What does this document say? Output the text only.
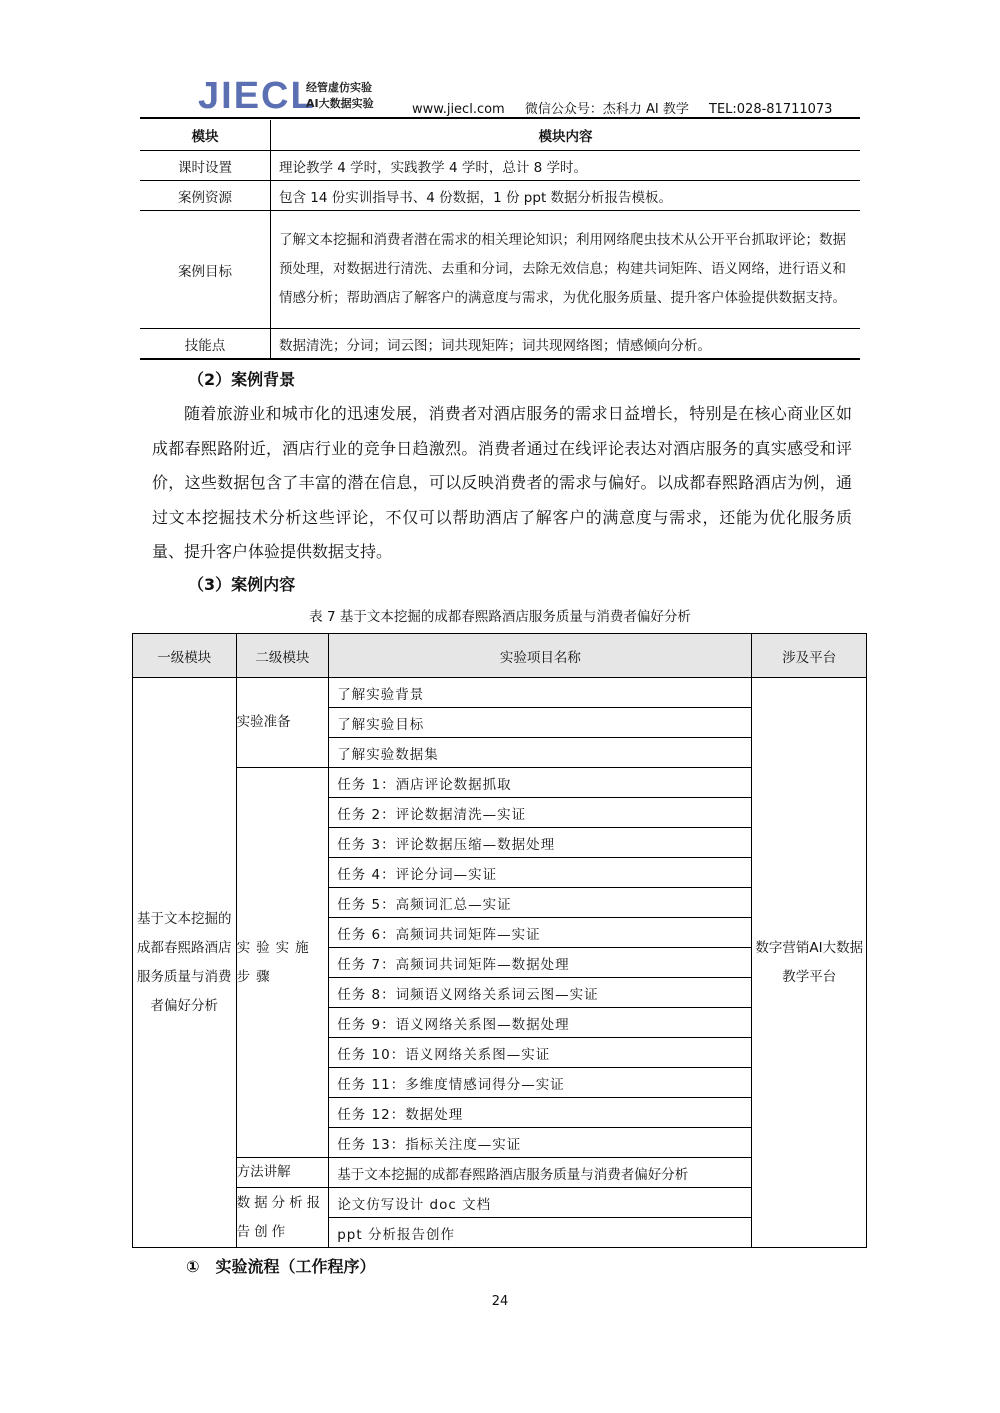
JIECL
经管虚仿实验
AI大数据实验	www.jiecl.com 微信公众号：杰科力 AI 教学 TEL:028-81711073
模块	模块内容
课时设置	理论教学 4 学时，实践教学 4 学时，总计 8 学时。
案例资源	包含 14 份实训指导书、4 份数据，1 份 ppt 数据分析报告模板。
案例目标	了解文本挖掘和消费者潜在需求的相关理论知识；利用网络爬虫技术从公开平台抓取评论；数据预处理，对数据进行清洗、去重和分词，去除无效信息；构建共词矩阵、语义网络，进行语义和情感分析；帮助酒店了解客户的满意度与需求，为优化服务质量、提升客户体验提供数据支持。
技能点	数据清洗；分词；词云图；词共现矩阵；词共现网络图；情感倾向分析。
（2）案例背景
随着旅游业和城市化的迅速发展，消费者对酒店服务的需求日益增长，特别是在核心商业区如成都春熙路附近，酒店行业的竞争日趋激烈。消费者通过在线评论表达对酒店服务的真实感受和评价，这些数据包含了丰富的潜在信息，可以反映消费者的需求与偏好。以成都春熙路酒店为例，通过文本挖掘技术分析这些评论，不仅可以帮助酒店了解客户的满意度与需求，还能为优化服务质量、提升客户体验提供数据支持。
（3）案例内容
表 7 基于文本挖掘的成都春熙路酒店服务质量与消费者偏好分析
一级模块	二级模块	实验项目名称	涉及平台
基于文本挖掘的成都春熙路酒店服务质量与消费者偏好分析	实验准备	了解实验背景	数字营销AI大数据教学平台
		了解实验目标	
		了解实验数据集	
	实验实施步骤	任务 1：酒店评论数据抓取	
		任务 2：评论数据清洗—实证	
		任务 3：评论数据压缩—数据处理	
		任务 4：评论分词—实证	
		任务 5：高频词汇总—实证	
		任务 6：高频词共词矩阵—实证	
		任务 7：高频词共词矩阵—数据处理	
		任务 8：词频语义网络关系词云图—实证	
		任务 9：语义网络关系图—数据处理	
		任务 10：语义网络关系图—实证	
		任务 11：多维度情感词得分—实证	
		任务 12：数据处理	
		任务 13：指标关注度—实证	
	方法讲解	基于文本挖掘的成都春熙路酒店服务质量与消费者偏好分析	
	数据分析报告创作	论文仿写设计 doc 文档	
		ppt 分析报告创作	
①　实验流程（工作程序）
24
